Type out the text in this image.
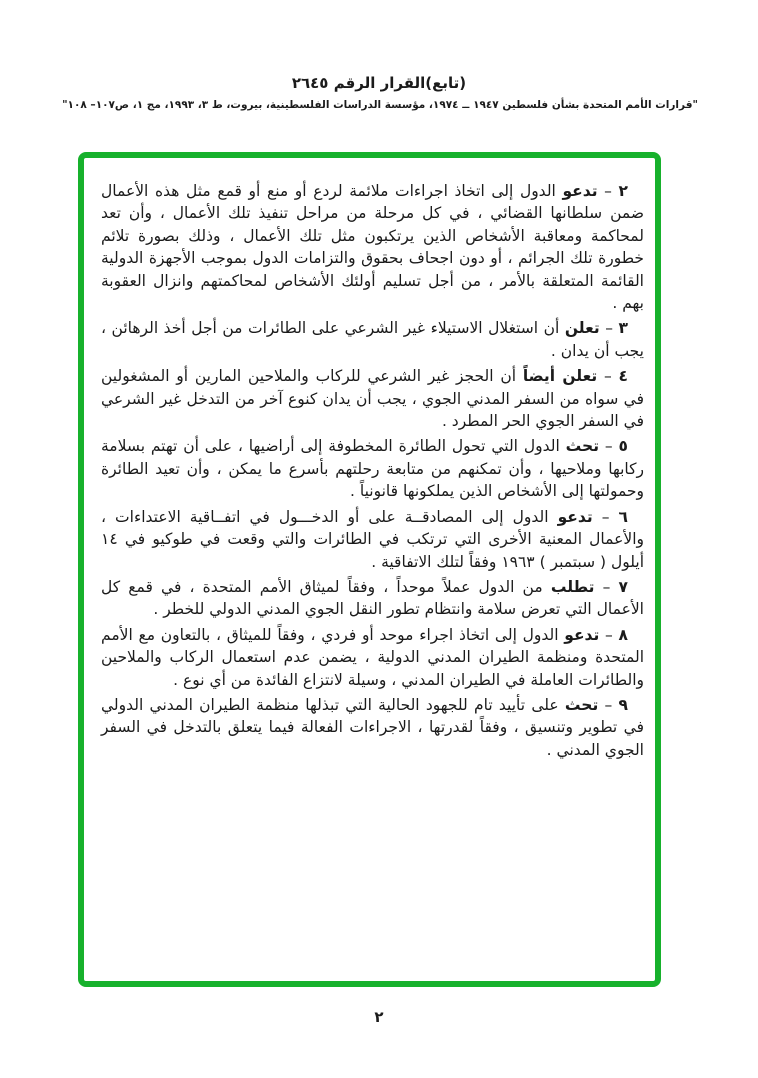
(تابع)القرار الرقم ٢٦٤٥
"قرارات الأمم المتحدة بشأن فلسطين ١٩٤٧ ــ ١٩٧٤، مؤسسة الدراسات الفلسطينية، بيروت، ط ٣، ١٩٩٣، مج ١، ص١٠٧– ١٠٨"

٢ – تدعو الدول إلى اتخاذ اجراءات ملائمة لردع أو منع أو قمع مثل هذه الأعمال ضمن سلطانها القضائي ، في كل مرحلة من مراحل تنفيذ تلك الأعمال ، وأن تعد لمحاكمة ومعاقبة الأشخاص الذين يرتكبون مثل تلك الأعمال ، وذلك بصورة تلائم خطورة تلك الجرائم ، أو دون اجحاف بحقوق والتزامات الدول بموجب الأجهزة الدولية القائمة المتعلقة بالأمر ، من أجل تسليم أولئك الأشخاص لمحاكمتهم وانزال العقوبة بهم .

٣ – تعلن أن استغلال الاستيلاء غير الشرعي على الطائرات من أجل أخذ الرهائن ، يجب أن يدان .

٤ – تعلن أيضاً أن الحجز غير الشرعي للركاب والملاحين المارين أو المشغولين في سواه من السفر المدني الجوي ، يجب أن يدان كنوع آخر من التدخل غير الشرعي في السفر الجوي الحر المطرد .

٥ – تحث الدول التي تحول الطائرة المخطوفة إلى أراضيها ، على أن تهتم بسلامة ركابها وملاحيها ، وأن تمكنهم من متابعة رحلتهم بأسرع ما يمكن ، وأن تعيد الطائرة وحمولتها إلى الأشخاص الذين يملكونها قانونياً .

٦ – تدعو الدول إلى المصادقــة على أو الدخـــول في اتفــاقية الاعتداءات ، والأعمال المعنية الأخرى التي ترتكب في الطائرات والتي وقعت في طوكيو في ١٤ أيلول ( سبتمبر ) ١٩٦٣ وفقاً لتلك الاتفاقية .

٧ – تطلب من الدول عملاً موحداً ، وفقاً لميثاق الأمم المتحدة ، في قمع كل الأعمال التي تعرض سلامة وانتظام تطور النقل الجوي المدني الدولي للخطر .

٨ – تدعو الدول إلى اتخاذ اجراء موحد أو فردي ، وفقاً للميثاق ، بالتعاون مع الأمم المتحدة ومنظمة الطيران المدني الدولية ، يضمن عدم استعمال الركاب والملاحين والطائرات العاملة في الطيران المدني ، وسيلة لانتزاع الفائدة من أي نوع .

٩ – تحث على تأييد تام للجهود الحالية التي تبذلها منظمة الطيران المدني الدولي في تطوير وتنسيق ، وفقاً لقدرتها ، الاجراءات الفعالة فيما يتعلق بالتدخل في السفر الجوي المدني .

٢
